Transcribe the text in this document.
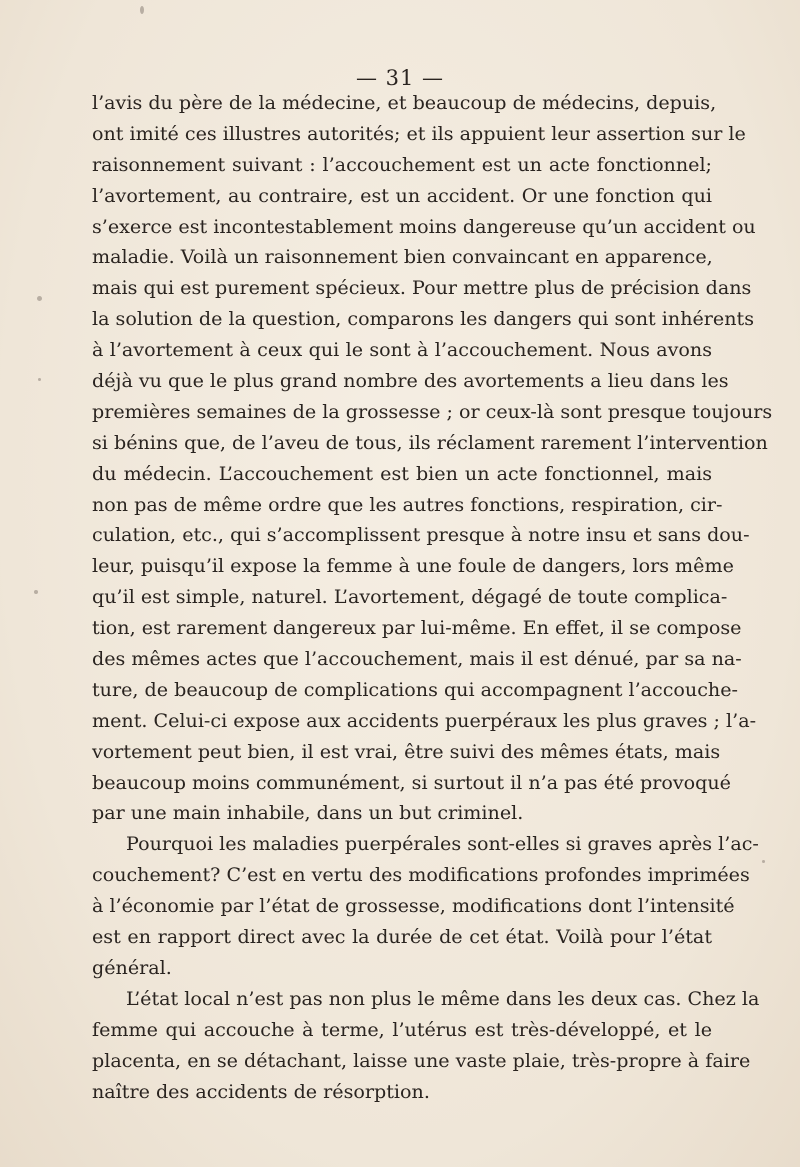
— 31 —
l’avis du père de la médecine, et beaucoup de médecins, depuis,
ont imité ces illustres autorités; et ils appuient leur assertion sur le
raisonnement suivant : l’accouchement est un acte fonctionnel;
l’avortement, au contraire, est un accident. Or une fonction qui
s’exerce est incontestablement moins dangereuse qu’un accident ou
maladie. Voilà un raisonnement bien convaincant en apparence,
mais qui est purement spécieux. Pour mettre plus de précision dans
la solution de la question, comparons les dangers qui sont inhérents
à l’avortement à ceux qui le sont à l’accouchement. Nous avons
déjà vu que le plus grand nombre des avortements a lieu dans les
premières semaines de la grossesse ; or ceux-là sont presque toujours
si bénins que, de l’aveu de tous, ils réclament rarement l’intervention
du médecin. L’accouchement est bien un acte fonctionnel, mais
non pas de même ordre que les autres fonctions, respiration, cir-
culation, etc., qui s’accomplissent presque à notre insu et sans dou-
leur, puisqu’il expose la femme à une foule de dangers, lors même
qu’il est simple, naturel. L’avortement, dégagé de toute complica-
tion, est rarement dangereux par lui-même. En effet, il se compose
des mêmes actes que l’accouchement, mais il est dénué, par sa na-
ture, de beaucoup de complications qui accompagnent l’accouche-
ment. Celui-ci expose aux accidents puerpéraux les plus graves ; l’a-
vortement peut bien, il est vrai, être suivi des mêmes états, mais
beaucoup moins communément, si surtout il n’a pas été provoqué
par une main inhabile, dans un but criminel.
Pourquoi les maladies puerpérales sont-elles si graves après l’ac-
couchement? C’est en vertu des modifications profondes imprimées
à l’économie par l’état de grossesse, modifications dont l’intensité
est en rapport direct avec la durée de cet état. Voilà pour l’état
général.
L’état local n’est pas non plus le même dans les deux cas. Chez la
femme qui accouche à terme, l’utérus est très-développé, et le
placenta, en se détachant, laisse une vaste plaie, très-propre à faire
naître des accidents de résorption.
